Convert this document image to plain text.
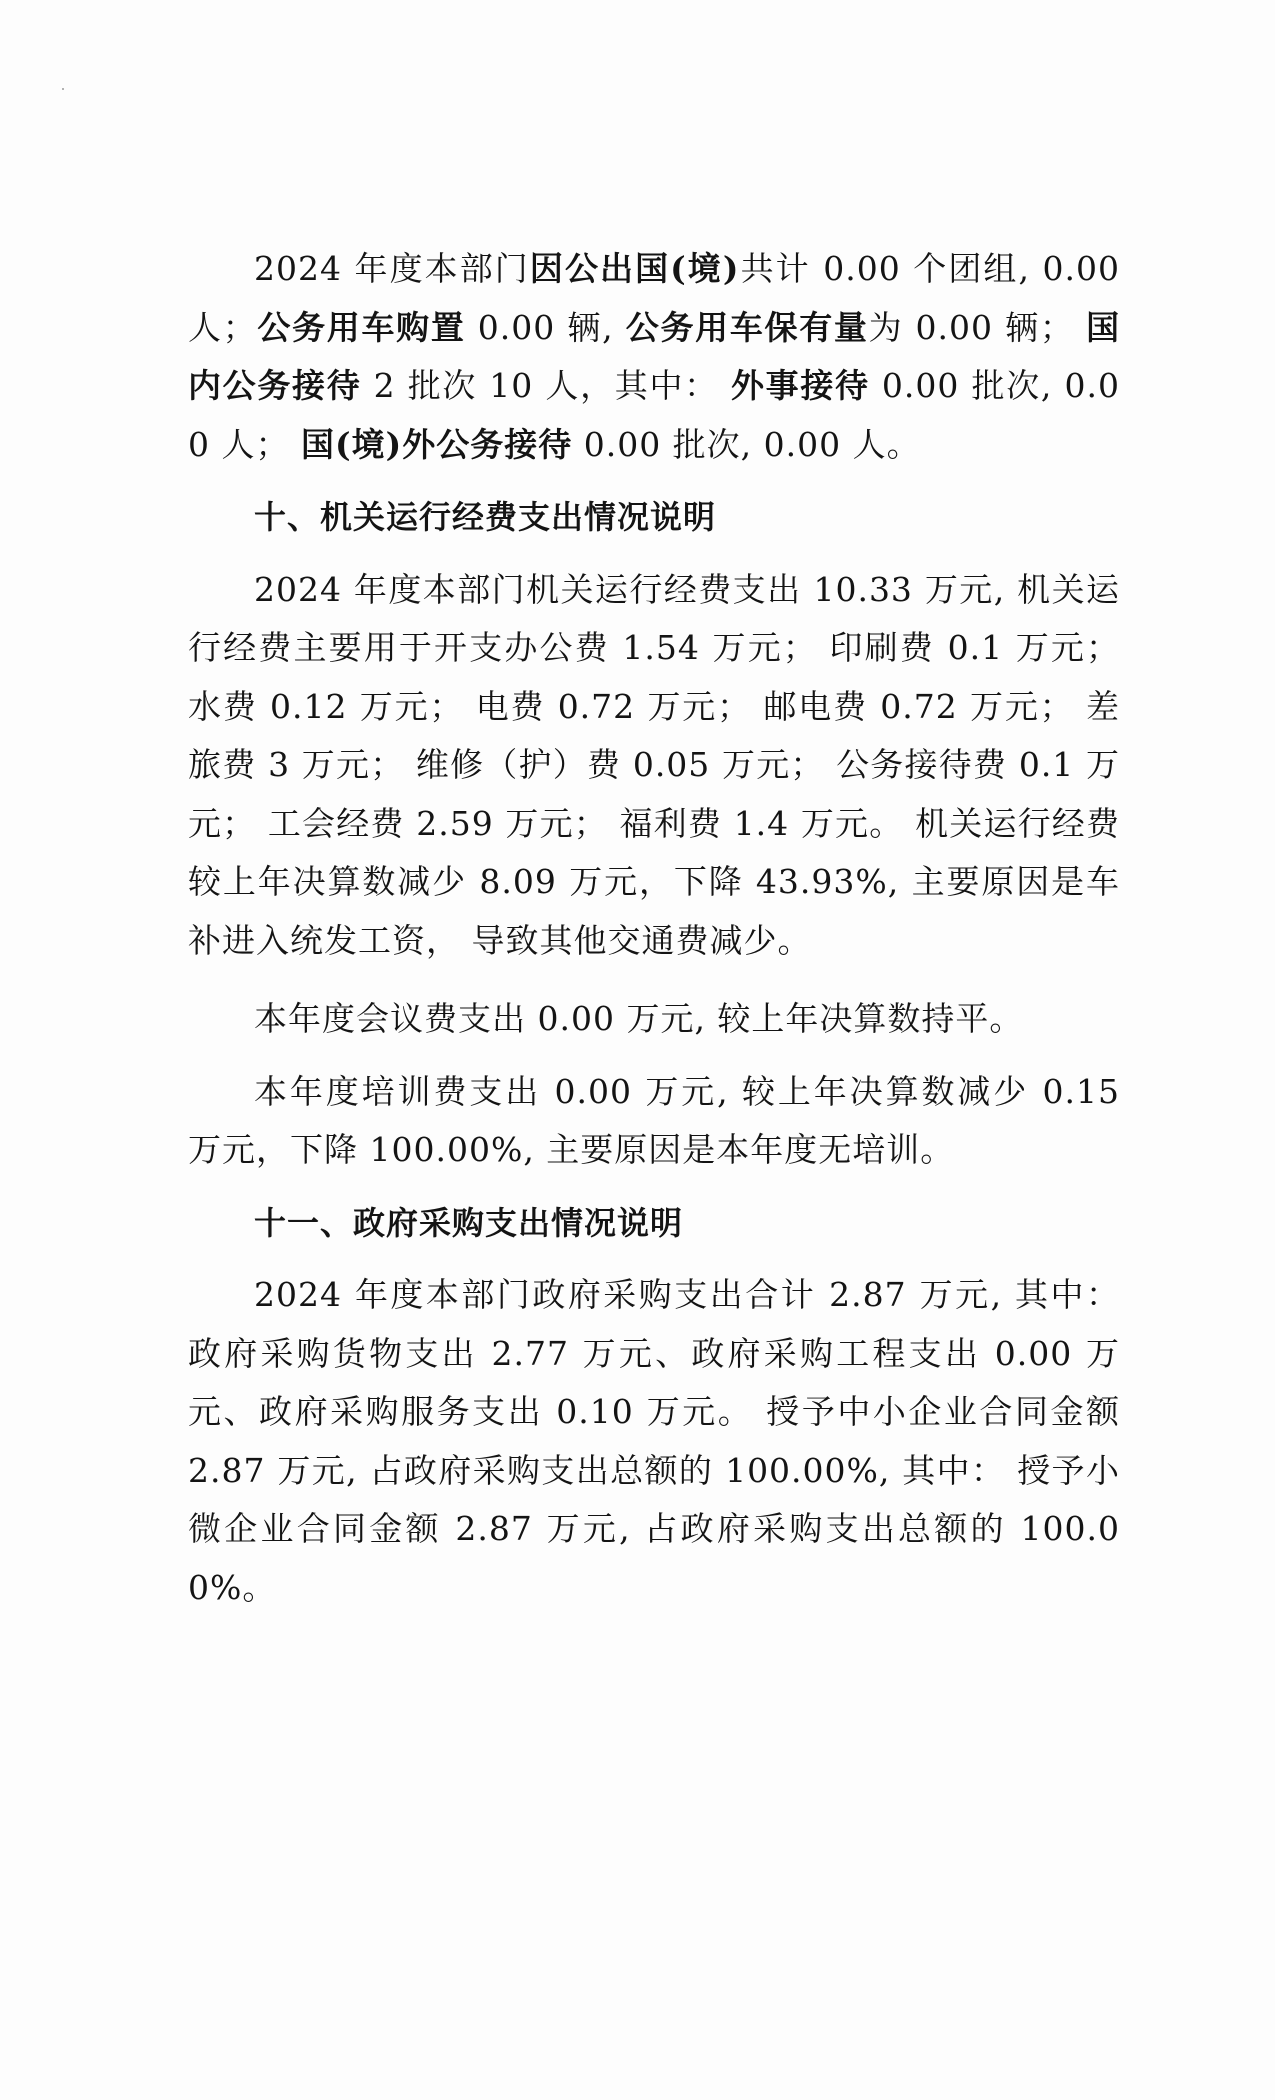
2024 年度本部门因公出国(境)共计 0.00 个团组, 0.00 人；公务用车购置 0.00 辆, 公务用车保有量为 0.00 辆； 国内公务接待 2 批次 10 人，其中： 外事接待 0.00 批次, 0.00 人； 国(境)外公务接待 0.00 批次, 0.00 人。

十、机关运行经费支出情况说明

2024 年度本部门机关运行经费支出 10.33 万元, 机关运行经费主要用于开支办公费 1.54 万元； 印刷费 0.1 万元； 水费 0.12 万元； 电费 0.72 万元； 邮电费 0.72 万元； 差旅费 3 万元； 维修（护）费 0.05 万元； 公务接待费 0.1 万元； 工会经费 2.59 万元； 福利费 1.4 万元。 机关运行经费较上年决算数减少 8.09 万元，下降 43.93%, 主要原因是车补进入统发工资， 导致其他交通费减少。

本年度会议费支出 0.00 万元, 较上年决算数持平。

本年度培训费支出 0.00 万元, 较上年决算数减少 0.15 万元，下降 100.00%, 主要原因是本年度无培训。

十一、政府采购支出情况说明

2024 年度本部门政府采购支出合计 2.87 万元, 其中： 政府采购货物支出 2.77 万元、政府采购工程支出 0.00 万元、政府采购服务支出 0.10 万元。 授予中小企业合同金额 2.87 万元, 占政府采购支出总额的 100.00%, 其中： 授予小微企业合同金额 2.87 万元, 占政府采购支出总额的 100.00%。
